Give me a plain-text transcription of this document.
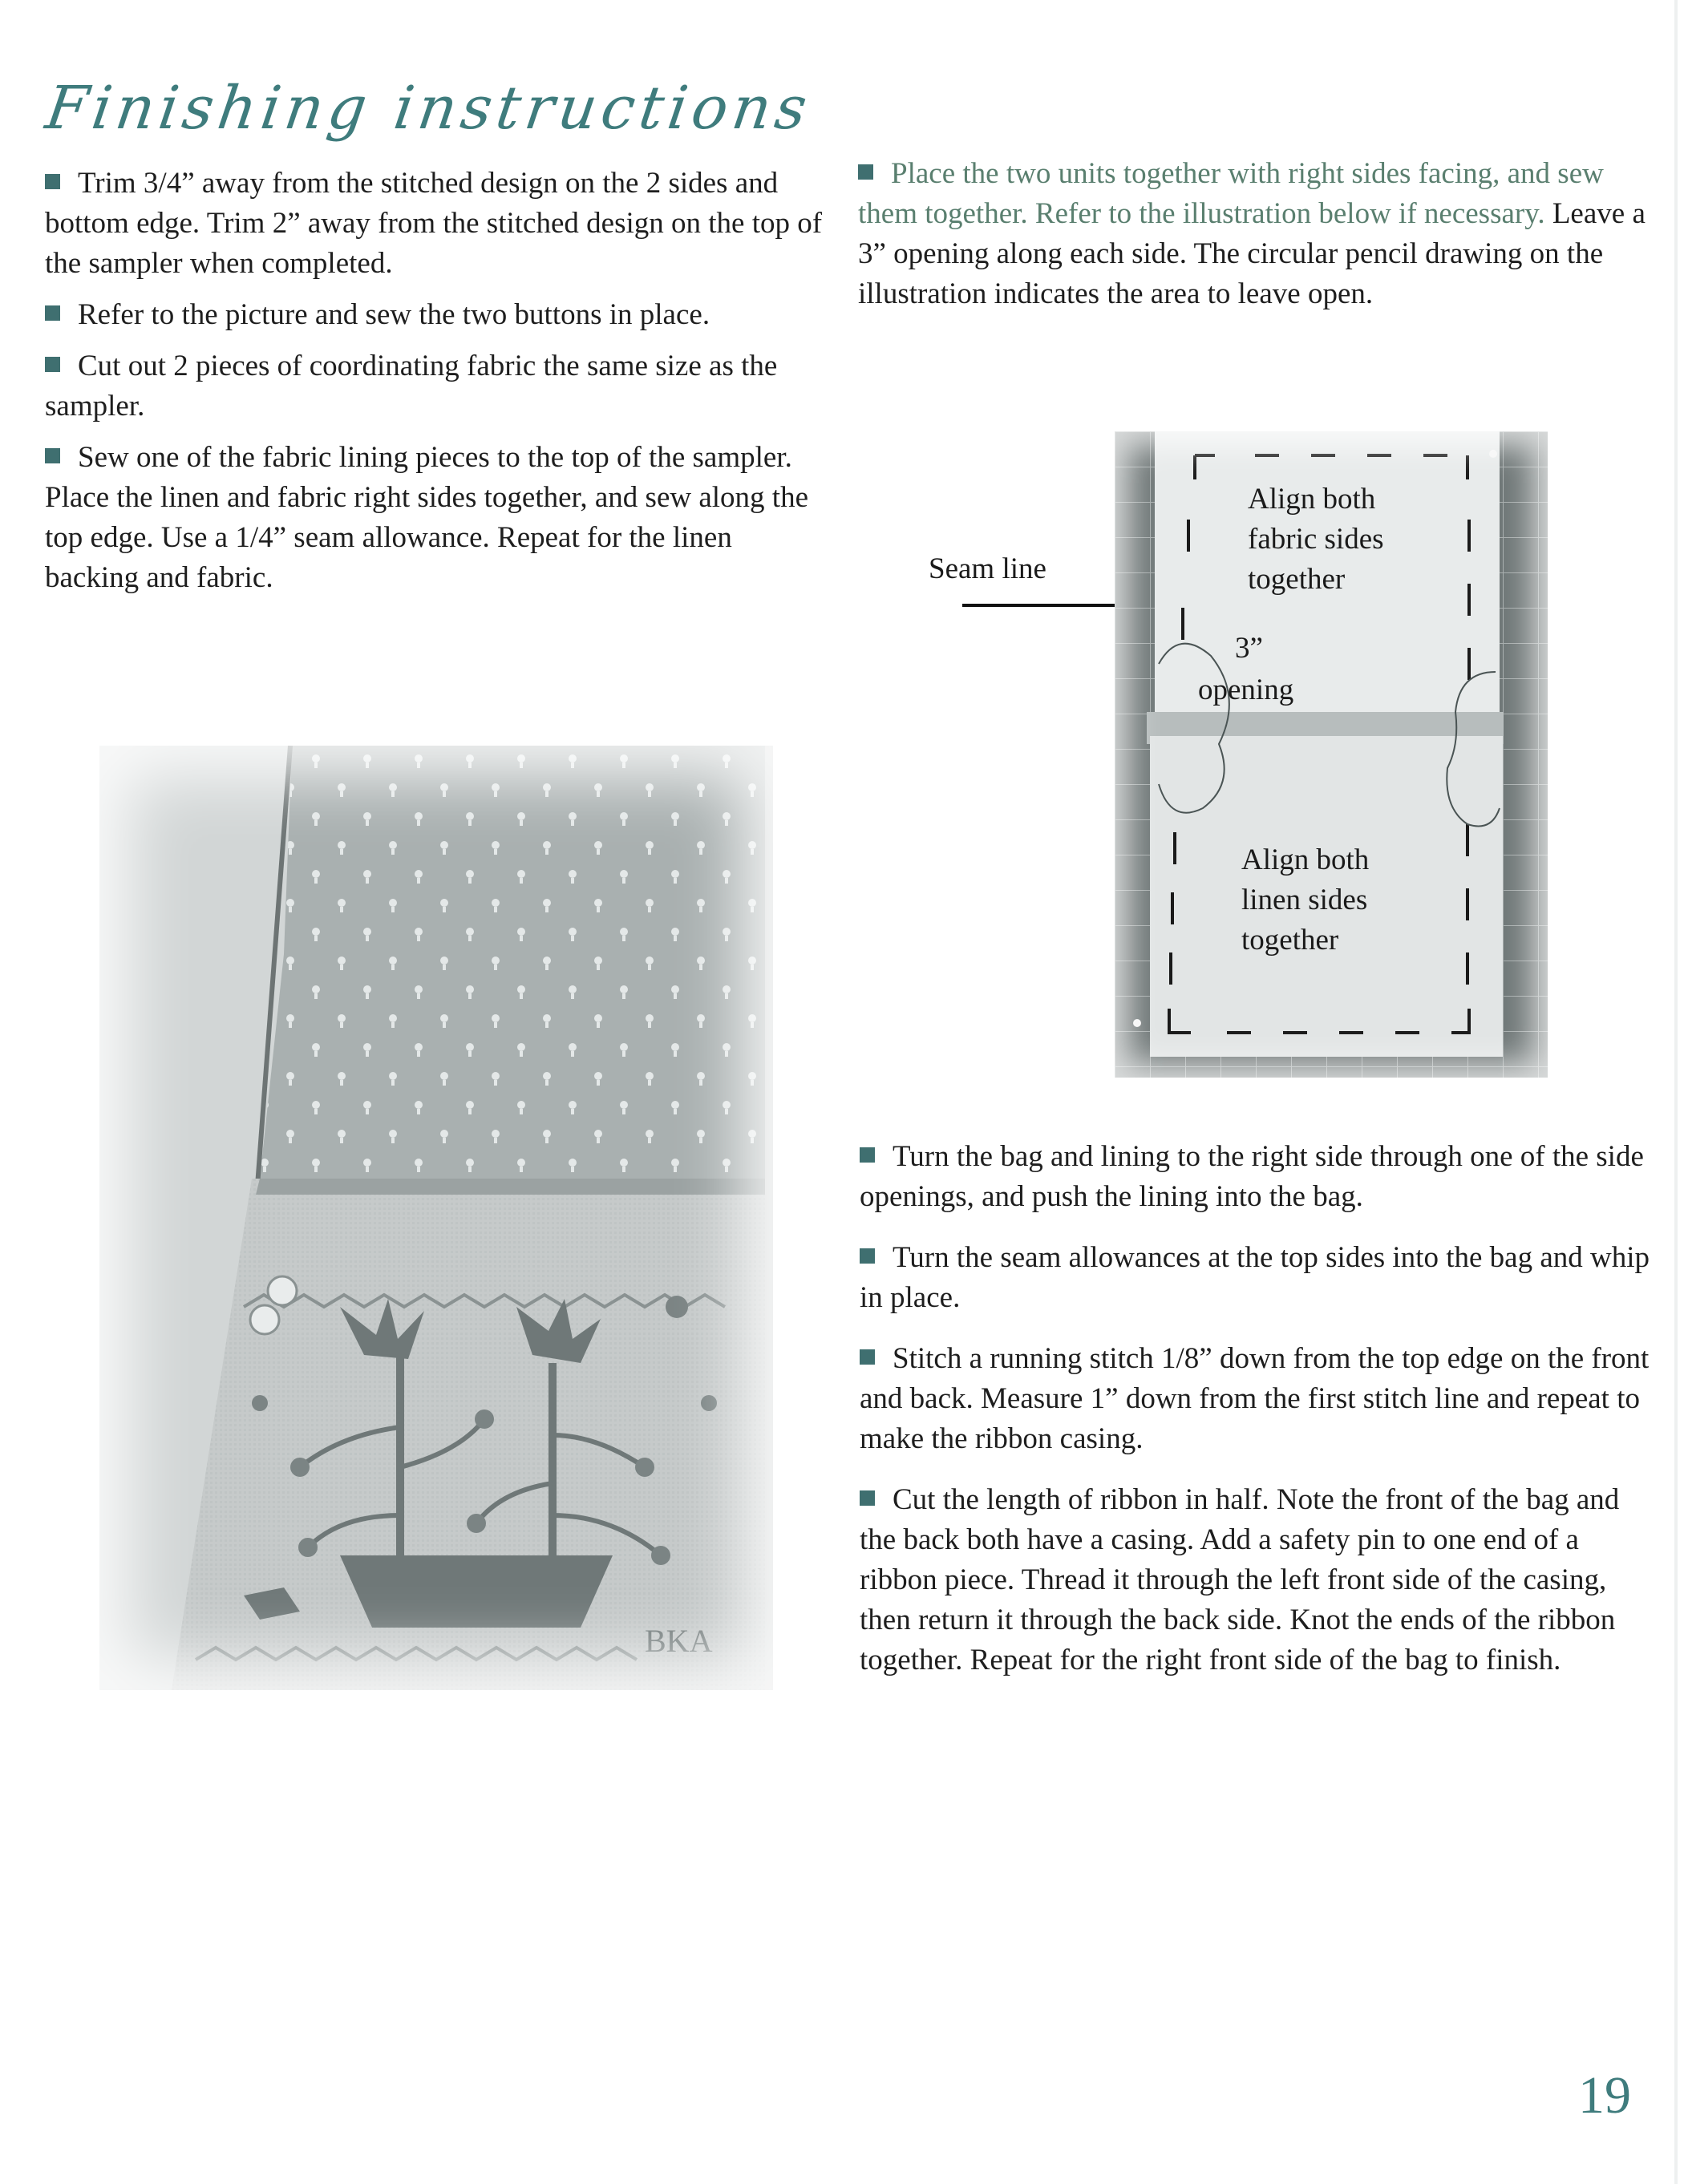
Finishing instructions

Trim 3/4” away from the stitched design on the 2 sides and bottom edge. Trim 2” away from the stitched design on the top of the sampler when completed.

Refer to the picture and sew the two buttons in place.

Cut out 2 pieces of coordinating fabric the same size as the sampler.

Sew one of the fabric lining pieces to the top of the sampler. Place the linen and fabric right sides together, and sew along the top edge. Use a 1/4” seam allowance. Repeat for the linen backing and fabric.

Place the two units together with right sides facing, and sew them together. Refer to the illustration below if necessary. Leave a 3” opening along each side. The circular pencil drawing on the illustration indicates the area to leave open.

BKA
Seam line
Align both
fabric sides
together
3”
opening
Align both
linen sides
together

Turn the bag and lining to the right side through one of the side openings, and push the lining into the bag.

Turn the seam allowances at the top sides into the bag and whip in place.

Stitch a running stitch 1/8” down from the top edge on the front and back. Measure 1” down from the first stitch line and repeat to make the ribbon casing.

Cut the length of ribbon in half. Note the front of the bag and the back both have a casing. Add a safety pin to one end of a ribbon piece. Thread it through the left front side of the casing, then return it through the back side. Knot the ends of the ribbon together. Repeat for the right front side of the bag to finish.

19
